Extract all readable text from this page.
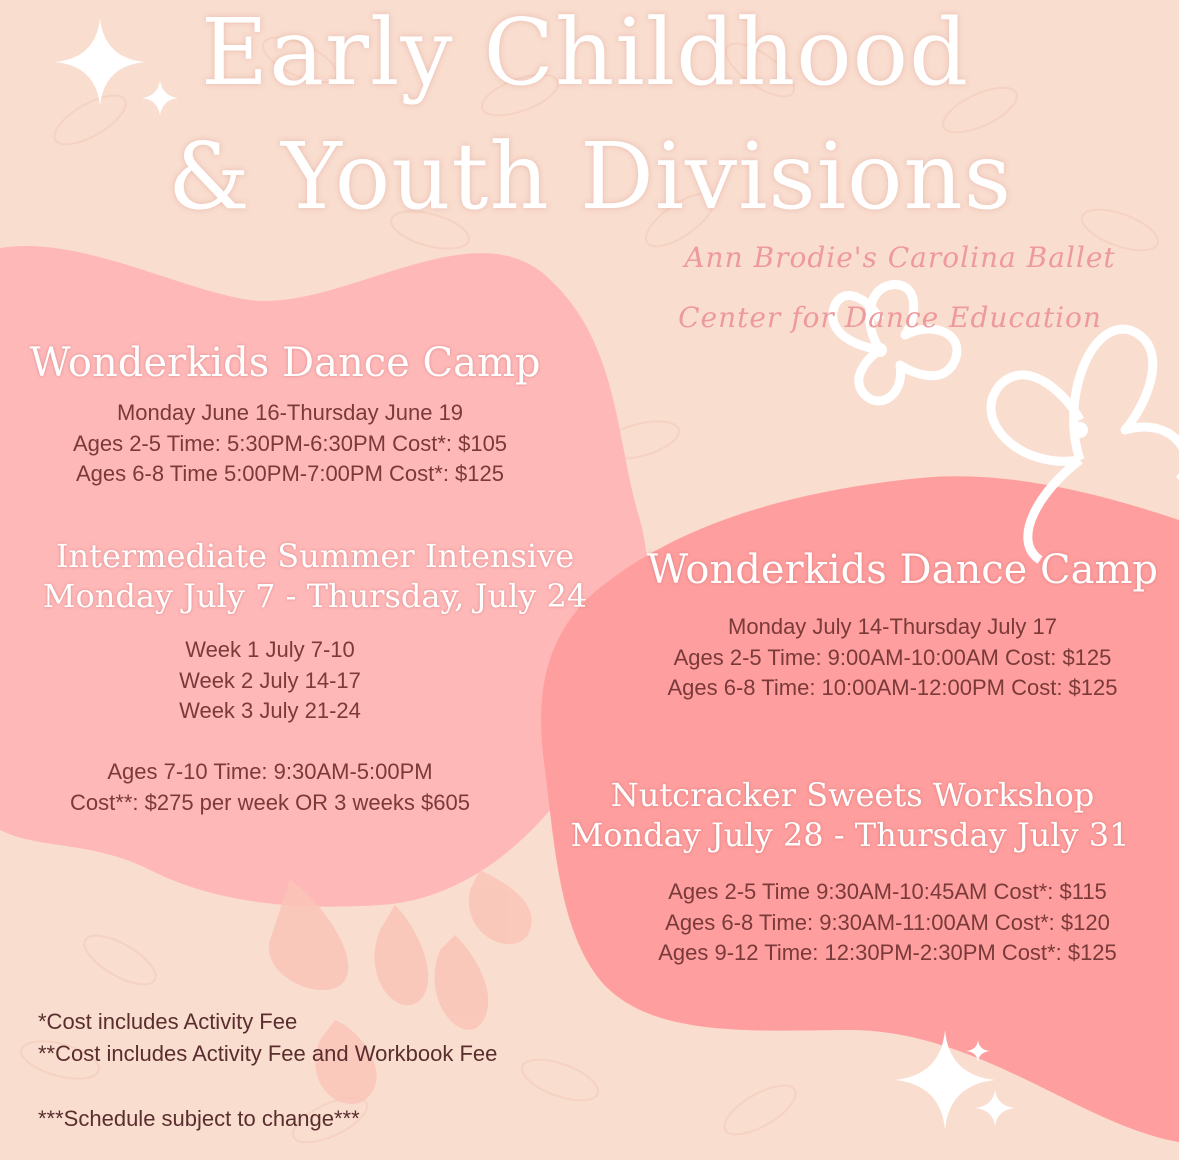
Early Childhood
& Youth Divisions
Ann Brodie's Carolina Ballet
Center for Dance Education
Wonderkids Dance Camp
Monday June 16-Thursday June 19
Ages 2-5 Time: 5:30PM-6:30PM Cost*: $105
Ages 6-8 Time 5:00PM-7:00PM Cost*: $125
Intermediate Summer Intensive
Monday July 7 - Thursday, July 24
Week 1 July 7-10
Week 2 July 14-17
Week 3 July 21-24
Ages 7-10 Time: 9:30AM-5:00PM
Cost**: $275 per week OR 3 weeks $605
Wonderkids Dance Camp
Monday July 14-Thursday July 17
Ages 2-5 Time: 9:00AM-10:00AM Cost: $125
Ages 6-8 Time: 10:00AM-12:00PM Cost: $125
Nutcracker Sweets Workshop
Monday July 28 - Thursday July 31
Ages 2-5 Time 9:30AM-10:45AM Cost*: $115
Ages 6-8 Time: 9:30AM-11:00AM Cost*: $120
Ages 9-12 Time: 12:30PM-2:30PM Cost*: $125
*Cost includes Activity Fee
**Cost includes Activity Fee and Workbook Fee
***Schedule subject to change***
